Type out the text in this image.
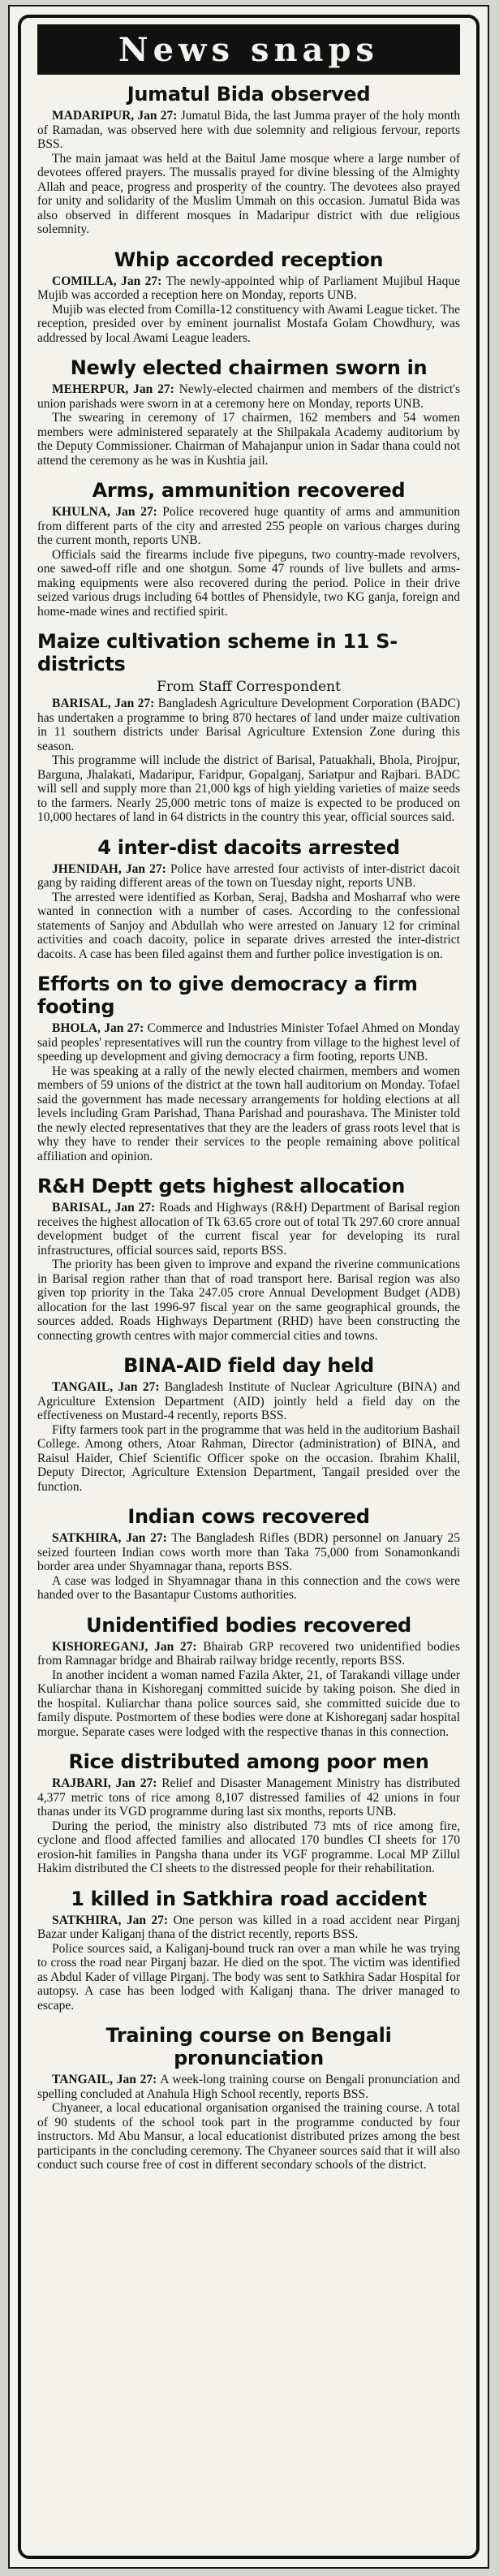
News snaps
Jumatul Bida observed

MADARIPUR, Jan 27: Jumatul Bida, the last Jumma prayer of the holy month of Ramadan, was observed here with due solemnity and religious fervour, reports BSS.

The main jamaat was held at the Baitul Jame mosque where a large number of devotees offered prayers. The mussalis prayed for divine blessing of the Almighty Allah and peace, progress and prosperity of the country. The devotees also prayed for unity and solidarity of the Muslim Ummah on this occasion. Jumatul Bida was also observed in different mosques in Madaripur district with due religious solemnity.

Whip accorded reception

COMILLA, Jan 27: The newly-appointed whip of Parliament Mujibul Haque Mujib was accorded a reception here on Monday, reports UNB.

Mujib was elected from Comilla-12 constituency with Awami League ticket. The reception, presided over by eminent journalist Mostafa Golam Chowdhury, was addressed by local Awami League leaders.

Newly elected chairmen sworn in

MEHERPUR, Jan 27: Newly-elected chairmen and members of the district's union parishads were sworn in at a ceremony here on Monday, reports UNB.

The swearing in ceremony of 17 chairmen, 162 members and 54 women members were administered separately at the Shilpakala Academy auditorium by the Deputy Commissioner. Chairman of Mahajanpur union in Sadar thana could not attend the ceremony as he was in Kushtia jail.

Arms, ammunition recovered

KHULNA, Jan 27: Police recovered huge quantity of arms and ammunition from different parts of the city and arrested 255 people on various charges during the current month, reports UNB.

Officials said the firearms include five pipeguns, two country-made revolvers, one sawed-off rifle and one shotgun. Some 47 rounds of live bullets and arms-making equipments were also recovered during the period. Police in their drive seized various drugs including 64 bottles of Phensidyle, two KG ganja, foreign and home-made wines and rectified spirit.

Maize cultivation scheme in 11 S-districts
From Staff Correspondent

BARISAL, Jan 27: Bangladesh Agriculture Development Corporation (BADC) has undertaken a programme to bring 870 hectares of land under maize cultivation in 11 southern districts under Barisal Agriculture Extension Zone during this season.

This programme will include the district of Barisal, Patuakhali, Bhola, Pirojpur, Barguna, Jhalakati, Madaripur, Faridpur, Gopalganj, Sariatpur and Rajbari. BADC will sell and supply more than 21,000 kgs of high yielding varieties of maize seeds to the farmers. Nearly 25,000 metric tons of maize is expected to be produced on 10,000 hectares of land in 64 districts in the country this year, official sources said.

4 inter-dist dacoits arrested

JHENIDAH, Jan 27: Police have arrested four activists of inter-district dacoit gang by raiding different areas of the town on Tuesday night, reports UNB.

The arrested were identified as Korban, Seraj, Badsha and Mosharraf who were wanted in connection with a number of cases. According to the confessional statements of Sanjoy and Abdullah who were arrested on January 12 for criminal activities and coach dacoity, police in separate drives arrested the inter-district dacoits. A case has been filed against them and further police investigation is on.

Efforts on to give democracy a firm footing

BHOLA, Jan 27: Commerce and Industries Minister Tofael Ahmed on Monday said peoples' representatives will run the country from village to the highest level of speeding up development and giving democracy a firm footing, reports UNB.

He was speaking at a rally of the newly elected chairmen, members and women members of 59 unions of the district at the town hall auditorium on Monday. Tofael said the government has made necessary arrangements for holding elections at all levels including Gram Parishad, Thana Parishad and pourashava. The Minister told the newly elected representatives that they are the leaders of grass roots level that is why they have to render their services to the people remaining above political affiliation and opinion.

R&H Deptt gets highest allocation

BARISAL, Jan 27: Roads and Highways (R&H) Department of Barisal region receives the highest allocation of Tk 63.65 crore out of total Tk 297.60 crore annual development budget of the current fiscal year for developing its rural infrastructures, official sources said, reports BSS.

The priority has been given to improve and expand the riverine communications in Barisal region rather than that of road transport here. Barisal region was also given top priority in the Taka 247.05 crore Annual Development Budget (ADB) allocation for the last 1996-97 fiscal year on the same geographical grounds, the sources added. Roads Highways Department (RHD) have been constructing the connecting growth centres with major commercial cities and towns.

BINA-AID field day held

TANGAIL, Jan 27: Bangladesh Institute of Nuclear Agriculture (BINA) and Agriculture Extension Department (AID) jointly held a field day on the effectiveness on Mustard-4 recently, reports BSS.

Fifty farmers took part in the programme that was held in the auditorium Bashail College. Among others, Atoar Rahman, Director (administration) of BINA, and Raisul Haider, Chief Scientific Officer spoke on the occasion. Ibrahim Khalil, Deputy Director, Agriculture Extension Department, Tangail presided over the function.

Indian cows recovered

SATKHIRA, Jan 27: The Bangladesh Rifles (BDR) personnel on January 25 seized fourteen Indian cows worth more than Taka 75,000 from Sonamonkandi border area under Shyamnagar thana, reports BSS.

A case was lodged in Shyamnagar thana in this connection and the cows were handed over to the Basantapur Customs authorities.

Unidentified bodies recovered

KISHOREGANJ, Jan 27: Bhairab GRP recovered two unidentified bodies from Ramnagar bridge and Bhairab railway bridge recently, reports BSS.

In another incident a woman named Fazila Akter, 21, of Tarakandi village under Kuliarchar thana in Kishoreganj committed suicide by taking poison. She died in the hospital. Kuliarchar thana police sources said, she committed suicide due to family dispute. Postmortem of these bodies were done at Kishoreganj sadar hospital morgue. Separate cases were lodged with the respective thanas in this connection.

Rice distributed among poor men

RAJBARI, Jan 27: Relief and Disaster Management Ministry has distributed 4,377 metric tons of rice among 8,107 distressed families of 42 unions in four thanas under its VGD programme during last six months, reports UNB.

During the period, the ministry also distributed 73 mts of rice among fire, cyclone and flood affected families and allocated 170 bundles CI sheets for 170 erosion-hit families in Pangsha thana under its VGF programme. Local MP Zillul Hakim distributed the CI sheets to the distressed people for their rehabilitation.

1 killed in Satkhira road accident

SATKHIRA, Jan 27: One person was killed in a road accident near Pirganj Bazar under Kaliganj thana of the district recently, reports BSS.

Police sources said, a Kaliganj-bound truck ran over a man while he was trying to cross the road near Pirganj bazar. He died on the spot. The victim was identified as Abdul Kader of village Pirganj. The body was sent to Satkhira Sadar Hospital for autopsy. A case has been lodged with Kaliganj thana. The driver managed to escape.

Training course on Bengali pronunciation

TANGAIL, Jan 27: A week-long training course on Bengali pronunciation and spelling concluded at Anahula High School recently, reports BSS.

Chyaneer, a local educational organisation organised the training course. A total of 90 students of the school took part in the programme conducted by four instructors. Md Abu Mansur, a local educationist distributed prizes among the best participants in the concluding ceremony. The Chyaneer sources said that it will also conduct such course free of cost in different secondary schools of the district.
